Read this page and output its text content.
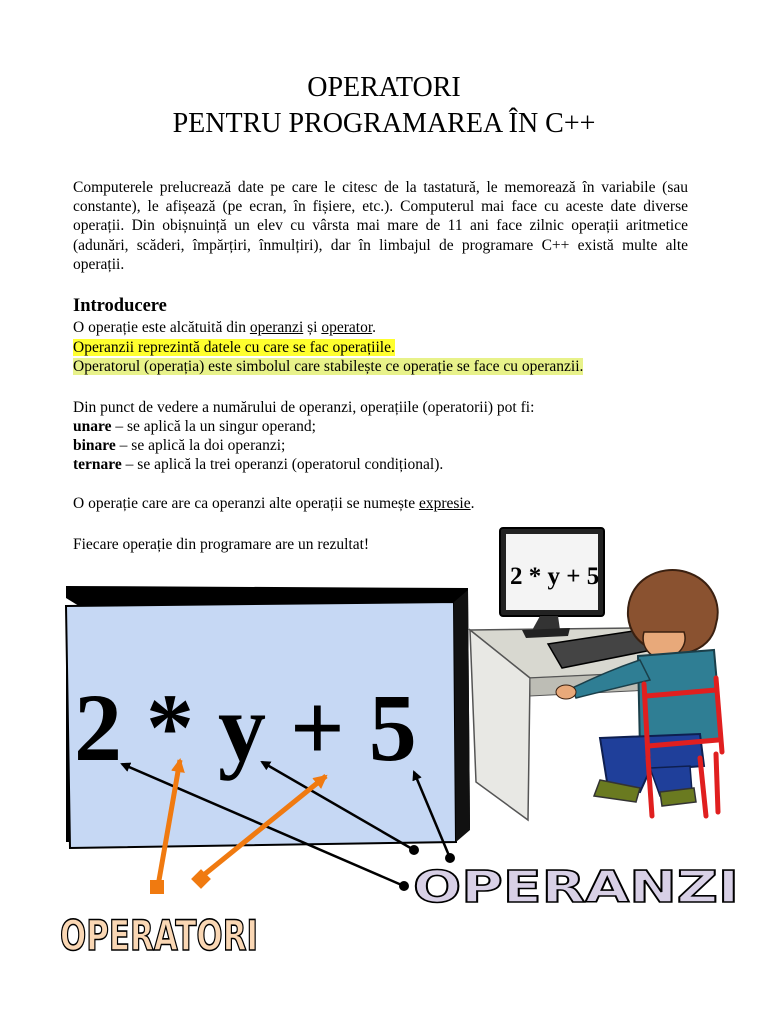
OPERATORI
PENTRU PROGRAMAREA ÎN C++
Computerele prelucrează date pe care le citesc de la tastatură, le memorează în variabile (sau constante), le afișează (pe ecran, în fișiere, etc.). Computerul mai face cu aceste date diverse operații. Din obișnuință un elev cu vârsta mai mare de 11 ani face zilnic operații aritmetice (adunări, scăderi, împărțiri, înmulțiri), dar în limbajul de programare C++ există multe alte operații.
Introducere
O operație este alcătuită din operanzi și operator.
Operanzii reprezintă datele cu care se fac operațiile.
Operatorul (operația) este simbolul care stabilește ce operație se face cu operanzii.
Din punct de vedere a numărului de operanzi, operațiile (operatorii) pot fi:
unare – se aplică la un singur operand;
binare – se aplică la doi operanzi;
ternare – se aplică la trei operanzi (operatorul condițional).
O operație care are ca operanzi alte operații se numește expresie.
Fiecare operație din programare are un rezultat!
2 * y + 5
2 * y + 5
OPERATORI
OPERANZI
